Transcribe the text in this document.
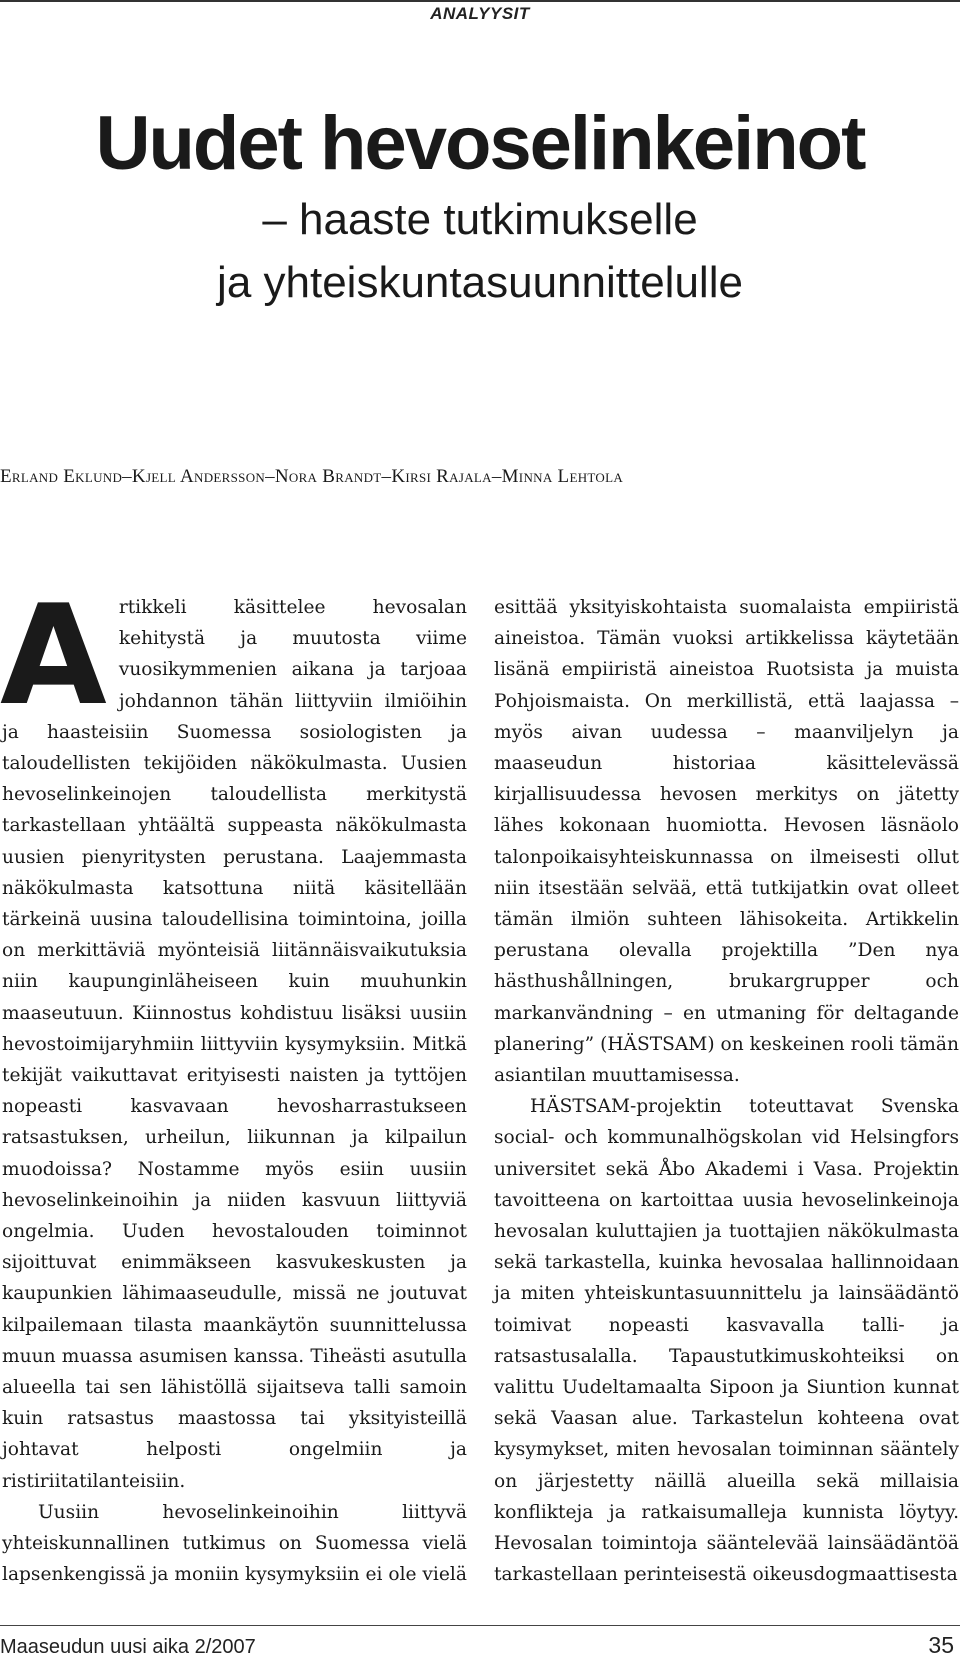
ANALYYSIT
Uudet hevoselinkeinot
– haaste tutkimukselle
ja yhteiskuntasuunnittelulle
Erland Eklund–Kjell Andersson–Nora Brandt–Kirsi Rajala–Minna Lehtola

Artikkeli käsittelee hevosalan kehitystä ja muutosta viime vuosikymmenien aikana ja tarjoaa johdannon tähän liittyviin ilmiöihin ja haasteisiin Suomessa sosiologisten ja taloudellisten tekijöiden näkökulmasta. Uusien hevoselinkeinojen taloudellista merkitystä tarkastellaan yhtäältä suppeasta näkökulmasta uusien pienyritysten perustana. Laajemmasta näkökulmasta katsottuna niitä käsitellään tärkeinä uusina taloudellisina toimintoina, joilla on merkittäviä myönteisiä liitännäisvaikutuksia niin kaupunginläheiseen kuin muuhunkin maaseutuun. Kiinnostus kohdistuu lisäksi uusiin hevostoimijaryhmiin liittyviin kysymyksiin. Mitkä tekijät vaikuttavat erityisesti naisten ja tyttöjen nopeasti kasvavaan hevosharrastukseen ratsastuksen, urheilun, liikunnan ja kilpailun muodoissa? Nostamme myös esiin uusiin hevoselinkeinoihin ja niiden kasvuun liittyviä ongelmia. Uuden hevostalouden toiminnot sijoittuvat enimmäkseen kasvukeskusten ja kaupunkien lähimaaseudulle, missä ne joutuvat kilpailemaan tilasta maankäytön suunnittelussa muun muassa asumisen kanssa. Tiheästi asutulla alueella tai sen lähistöllä sijaitseva talli samoin kuin ratsastus maastossa tai yksityisteillä johtavat helposti ongelmiin ja ristiriitatilanteisiin.

Uusiin hevoselinkeinoihin liittyvä yhteiskunnallinen tutkimus on Suomessa vielä lapsenkengissä ja moniin kysymyksiin ei ole vielä

esittää yksityiskohtaista suomalaista empiiristä aineistoa. Tämän vuoksi artikkelissa käytetään lisänä empiiristä aineistoa Ruotsista ja muista Pohjoismaista. On merkillistä, että laajassa – myös aivan uudessa – maanviljelyn ja maaseudun historiaa käsittelevässä kirjallisuudessa hevosen merkitys on jätetty lähes kokonaan huomiotta. Hevosen läsnäolo talonpoikaisyhteiskunnassa on ilmeisesti ollut niin itsestään selvää, että tutkijatkin ovat olleet tämän ilmiön suhteen lähisokeita. Artikkelin perustana olevalla projektilla ”Den nya hästhushållningen, brukargrupper och markanvändning – en utmaning för deltagande planering” (HÄSTSAM) on keskeinen rooli tämän asiantilan muuttamisessa.

HÄSTSAM-projektin toteuttavat Svenska social- och kommunalhögskolan vid Helsingfors universitet sekä Åbo Akademi i Vasa. Projektin tavoitteena on kartoittaa uusia hevoselinkeinoja hevosalan kuluttajien ja tuottajien näkökulmasta sekä tarkastella, kuinka hevosalaa hallinnoidaan ja miten yhteiskuntasuunnittelu ja lainsäädäntö toimivat nopeasti kasvavalla talli- ja ratsastusalalla. Tapaustutkimuskohteiksi on valittu Uudeltamaalta Sipoon ja Siuntion kunnat sekä Vaasan alue. Tarkastelun kohteena ovat kysymykset, miten hevosalan toiminnan sääntely on järjestetty näillä alueilla sekä millaisia konflikteja ja ratkaisumalleja kunnista löytyy. Hevosalan toimintoja sääntelevää lainsäädäntöä tarkastellaan perinteisestä oikeusdogmaattisesta

Maaseudun uusi aika 2/2007	35
